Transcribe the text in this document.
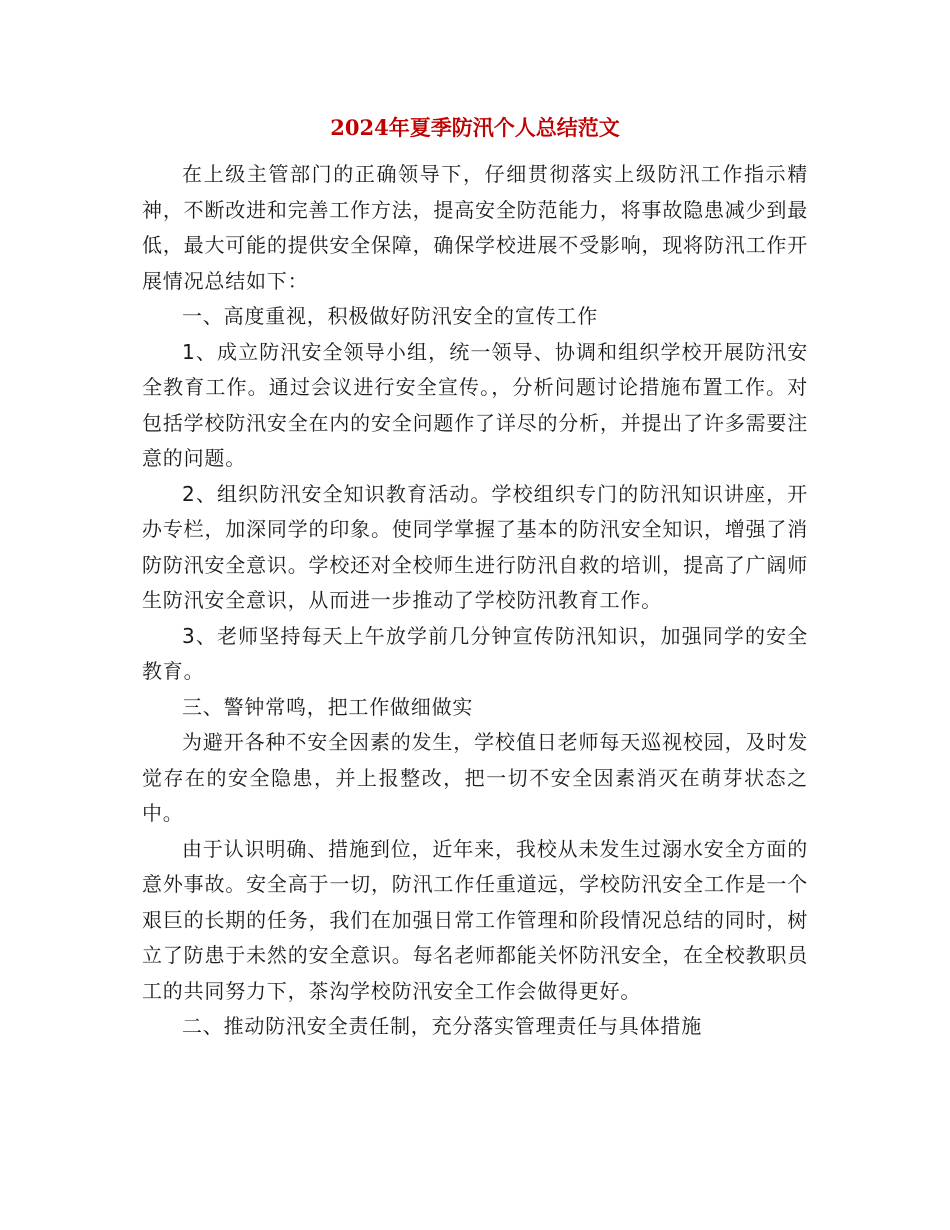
2024年夏季防汛个人总结范文

在上级主管部门的正确领导下，仔细贯彻落实上级防汛工作指示精神，不断改进和完善工作方法，提高安全防范能力，将事故隐患减少到最低，最大可能的提供安全保障，确保学校进展不受影响，现将防汛工作开展情况总结如下：

一、高度重视，积极做好防汛安全的宣传工作

1、成立防汛安全领导小组，统一领导、协调和组织学校开展防汛安全教育工作。通过会议进行安全宣传。，分析问题讨论措施布置工作。对包括学校防汛安全在内的安全问题作了详尽的分析，并提出了许多需要注意的问题。

2、组织防汛安全知识教育活动。学校组织专门的防汛知识讲座，开办专栏，加深同学的印象。使同学掌握了基本的防汛安全知识，增强了消防防汛安全意识。学校还对全校师生进行防汛自救的培训，提高了广阔师生防汛安全意识，从而进一步推动了学校防汛教育工作。

3、老师坚持每天上午放学前几分钟宣传防汛知识，加强同学的安全教育。

三、警钟常鸣，把工作做细做实

为避开各种不安全因素的发生，学校值日老师每天巡视校园，及时发觉存在的安全隐患，并上报整改，把一切不安全因素消灭在萌芽状态之中。

由于认识明确、措施到位，近年来，我校从未发生过溺水安全方面的意外事故。安全高于一切，防汛工作任重道远，学校防汛安全工作是一个艰巨的长期的任务，我们在加强日常工作管理和阶段情况总结的同时，树立了防患于未然的安全意识。每名老师都能关怀防汛安全，在全校教职员工的共同努力下，茶沟学校防汛安全工作会做得更好。

二、推动防汛安全责任制，充分落实管理责任与具体措施
